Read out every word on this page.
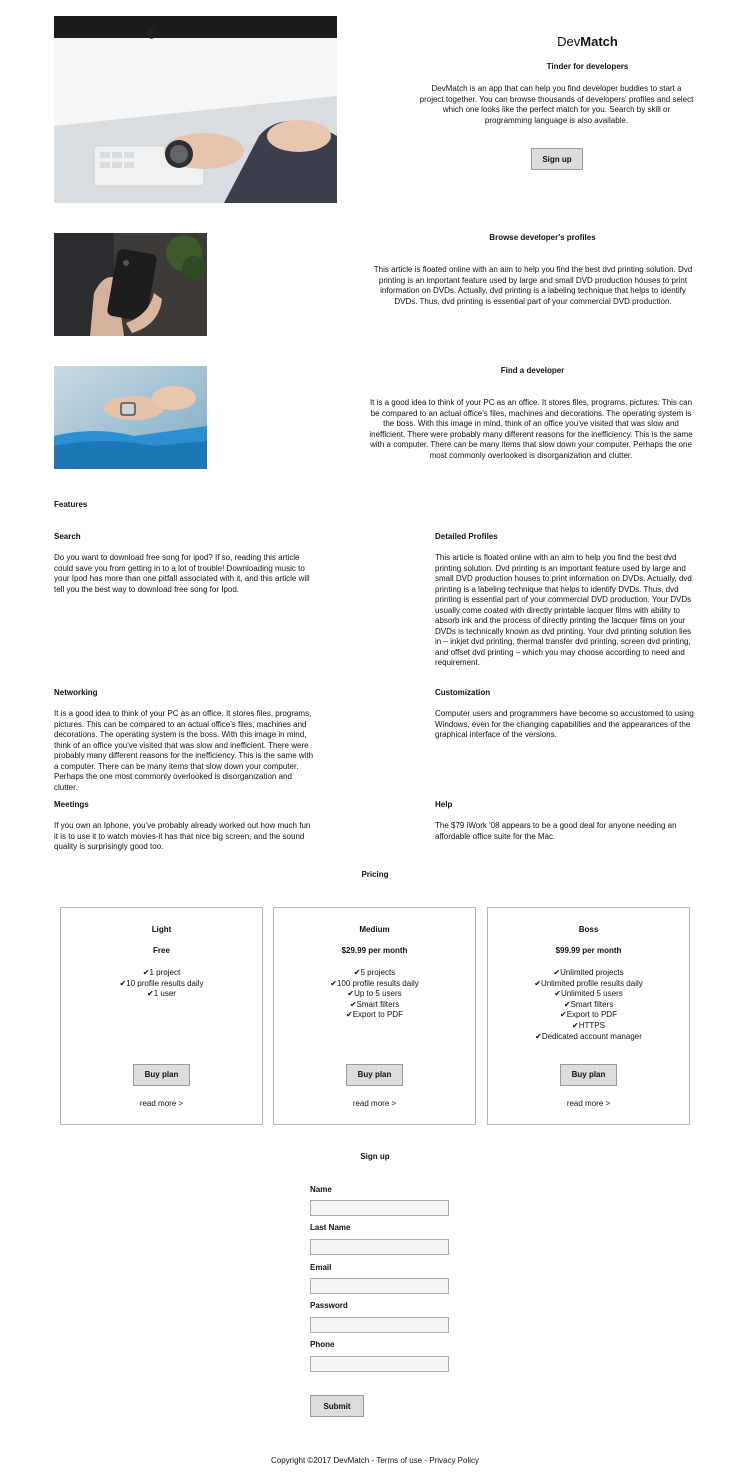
DevMatch
Tinder for developers
DevMatch is an app that can help you find developer buddies to start a project together. You can browse thousands of developers' profiles and select which one looks like the perfect match for you. Search by skill or programming language is also available.
Sign up
Browse developer's profiles
This article is floated online with an aim to help you find the best dvd printing solution. Dvd printing is an important feature used by large and small DVD production houses to print information on DVDs. Actually, dvd printing is a labeling technique that helps to identify DVDs. Thus, dvd printing is essential part of your commercial DVD production.
Find a developer
It is a good idea to think of your PC as an office. It stores files, programs, pictures. This can be compared to an actual office's files, machines and decorations. The operating system is the boss. With this image in mind, think of an office you've visited that was slow and inefficient. There were probably many different reasons for the inefficiency. This is the same with a computer. There can be many items that slow down your computer. Perhaps the one most commonly overlooked is disorganization and clutter.
Features
Search
Do you want to download free song for ipod? If so, reading this article could save you from getting in to a lot of trouble! Downloading music to your Ipod has more than one pitfall associated with it, and this article will tell you the best way to download free song for Ipod.
Detailed Profiles
This article is floated online with an aim to help you find the best dvd printing solution. Dvd printing is an important feature used by large and small DVD production houses to print information on DVDs. Actually, dvd printing is a labeling technique that helps to identify DVDs. Thus, dvd printing is essential part of your commercial DVD production. Your DVDs usually come coated with directly printable lacquer films with ability to absorb ink and the process of directly printing the lacquer films on your DVDs is technically known as dvd printing. Your dvd printing solution lies in – inkjet dvd printing, thermal transfer dvd printing, screen dvd printing, and offset dvd printing – which you may choose according to need and requirement.
Networking
It is a good idea to think of your PC as an office. It stores files, programs, pictures. This can be compared to an actual office's files, machines and decorations. The operating system is the boss. With this image in mind, think of an office you've visited that was slow and inefficient. There were probably many different reasons for the inefficiency. This is the same with a computer. There can be many items that slow down your computer. Perhaps the one most commonly overlooked is disorganization and clutter.
Customization
Computer users and programmers have become so accustomed to using Windows, even for the changing capabilities and the appearances of the graphical interface of the versions.
Meetings
If you own an Iphone, you've probably already worked out how much fun it is to use it to watch movies-it has that nice big screen, and the sound quality is surprisingly good too.
Help
The $79 iWork '08 appears to be a good deal for anyone needing an affordable office suite for the Mac.
Pricing
Light
Free
✔1 project
✔10 profile results daily
✔1 user
Buy plan
read more >
Medium
$29.99 per month
✔5 projects
✔100 profile results daily
✔Up to 5 users
✔Smart filters
✔Export to PDF
Buy plan
read more >
Boss
$99.99 per month
✔Unlimited projects
✔Unlimited profile results daily
✔Unlimited 5 users
✔Smart filters
✔Export to PDF
✔HTTPS
✔Dedicated account manager
Buy plan
read more >
Sign up
Name
Last Name
Email
Password
Phone
Submit
Copyright ©2017 DevMatch - Terms of use - Privacy Policy
